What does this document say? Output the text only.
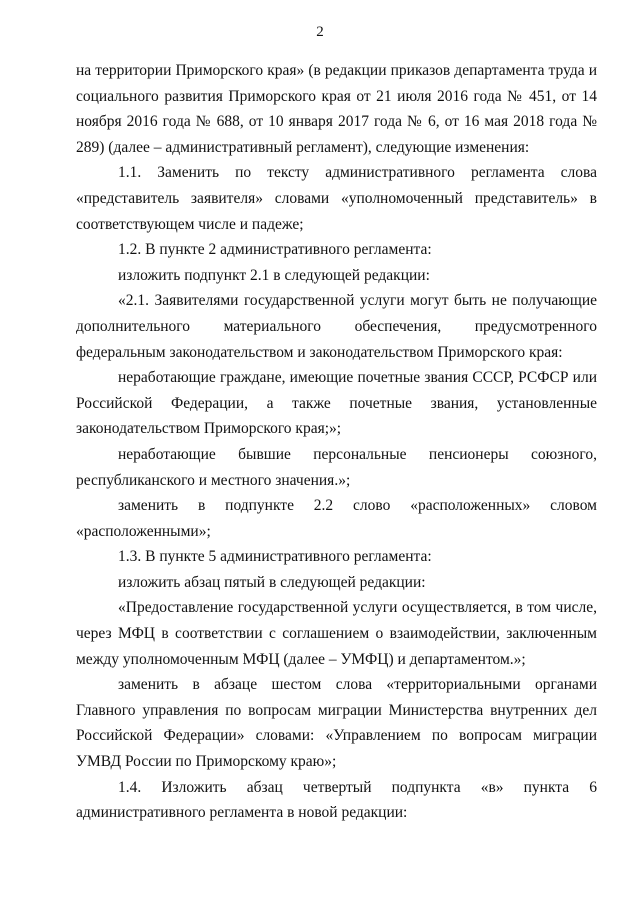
2

на территории Приморского края» (в редакции приказов департамента труда и социального развития Приморского края от 21 июля 2016 года № 451, от 14 ноября 2016 года № 688, от 10 января 2017 года № 6, от 16 мая 2018 года № 289) (далее – административный регламент), следующие изменения:

1.1. Заменить по тексту административного регламента слова «представитель заявителя» словами «уполномоченный представитель» в соответствующем числе и падеже;

1.2. В пункте 2 административного регламента:

изложить подпункт 2.1 в следующей редакции:

«2.1. Заявителями государственной услуги могут быть не получающие дополнительного материального обеспечения, предусмотренного федеральным законодательством и законодательством Приморского края:

неработающие граждане, имеющие почетные звания СССР, РСФСР или Российской Федерации, а также почетные звания, установленные законодательством Приморского края;»;

неработающие бывшие персональные пенсионеры союзного, республиканского и местного значения.»;

заменить в подпункте 2.2 слово «расположенных» словом «расположенными»;

1.3. В пункте 5 административного регламента:

изложить абзац пятый в следующей редакции:

«Предоставление государственной услуги осуществляется, в том числе, через МФЦ в соответствии с соглашением о взаимодействии, заключенным между уполномоченным МФЦ (далее – УМФЦ) и департаментом.»;

заменить в абзаце шестом слова «территориальными органами Главного управления по вопросам миграции Министерства внутренних дел Российской Федерации» словами: «Управлением по вопросам миграции УМВД России по Приморскому краю»;

1.4. Изложить абзац четвертый подпункта «в» пункта 6 административного регламента в новой редакции:
